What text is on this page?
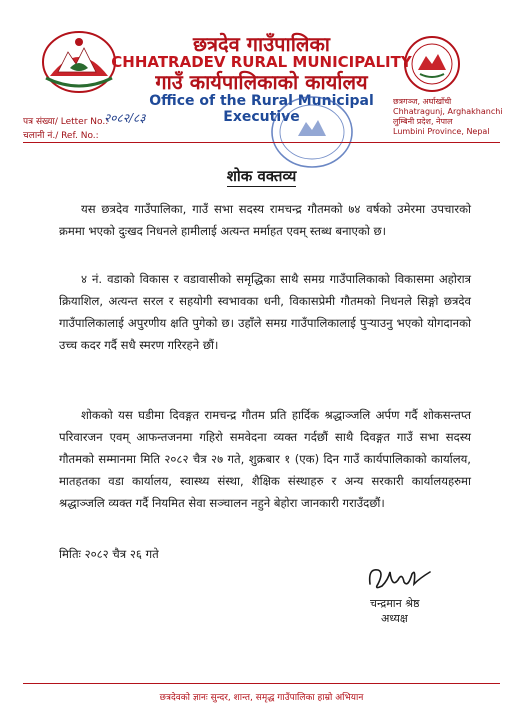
छत्रदेव गाउँपालिका
CHHATRADEV RURAL MUNICIPALITY
गाउँ कार्यपालिकाको कार्यालय
Office of the Rural Municipal Executive
छत्रगञ्ज, अर्घाखाँची
Chhatragunj, Arghakhanchi
लुम्बिनी प्रदेश, नेपाल
Lumbini Province, Nepal
पत्र संख्या/ Letter No.:
२०८२/८३
चलानी नं./ Ref. No.:
शोक वक्तव्य
यस छत्रदेव गाउँपालिका, गाउँ सभा सदस्य रामचन्द्र गौतमको ७४ वर्षको उमेरमा उपचारको क्रममा भएको दुःखद निधनले हामीलाई अत्यन्त मर्माहत एवम् स्तब्ध बनाएको छ।
४ नं. वडाको विकास र वडावासीको समृद्धिका साथै समग्र गाउँपालिकाको विकासमा अहोरात्र क्रियाशिल, अत्यन्त सरल र सहयोगी स्वभावका धनी, विकासप्रेमी गौतमको निधनले सिङ्गो छत्रदेव गाउँपालिकालाई अपुरणीय क्षति पुगेको छ। उहाँले समग्र गाउँपालिकालाई पुऱ्याउनु भएको योगदानको उच्च कदर गर्दै सधै स्मरण गरिरहने छौं।
शोकको यस घडीमा दिवङ्गत रामचन्द्र गौतम प्रति हार्दिक श्रद्धाञ्जलि अर्पण गर्दै शोकसन्तप्त परिवारजन एवम् आफन्तजनमा गहिरो समवेदना व्यक्त गर्दछौं साथै दिवङ्गत गाउँ सभा सदस्य गौतमको सम्मानमा मिति २०८२ चैत्र २७ गते, शुक्रबार १ (एक) दिन गाउँ कार्यपालिकाको कार्यालय, मातहतका वडा कार्यालय, स्वास्थ्य संस्था, शैक्षिक संस्थाहरु र अन्य सरकारी कार्यालयहरुमा श्रद्धाञ्जलि व्यक्त गर्दै नियमित सेवा सञ्चालन नहुने बेहोरा जानकारी गराउँदछौं।
मितिः २०८२ चैत्र २६ गते
चन्द्रमान श्रेष्ठ
अध्यक्ष
छत्रदेवको ज्ञानः सुन्दर, शान्त, समृद्ध गाउँपालिका हाम्रो अभियान
